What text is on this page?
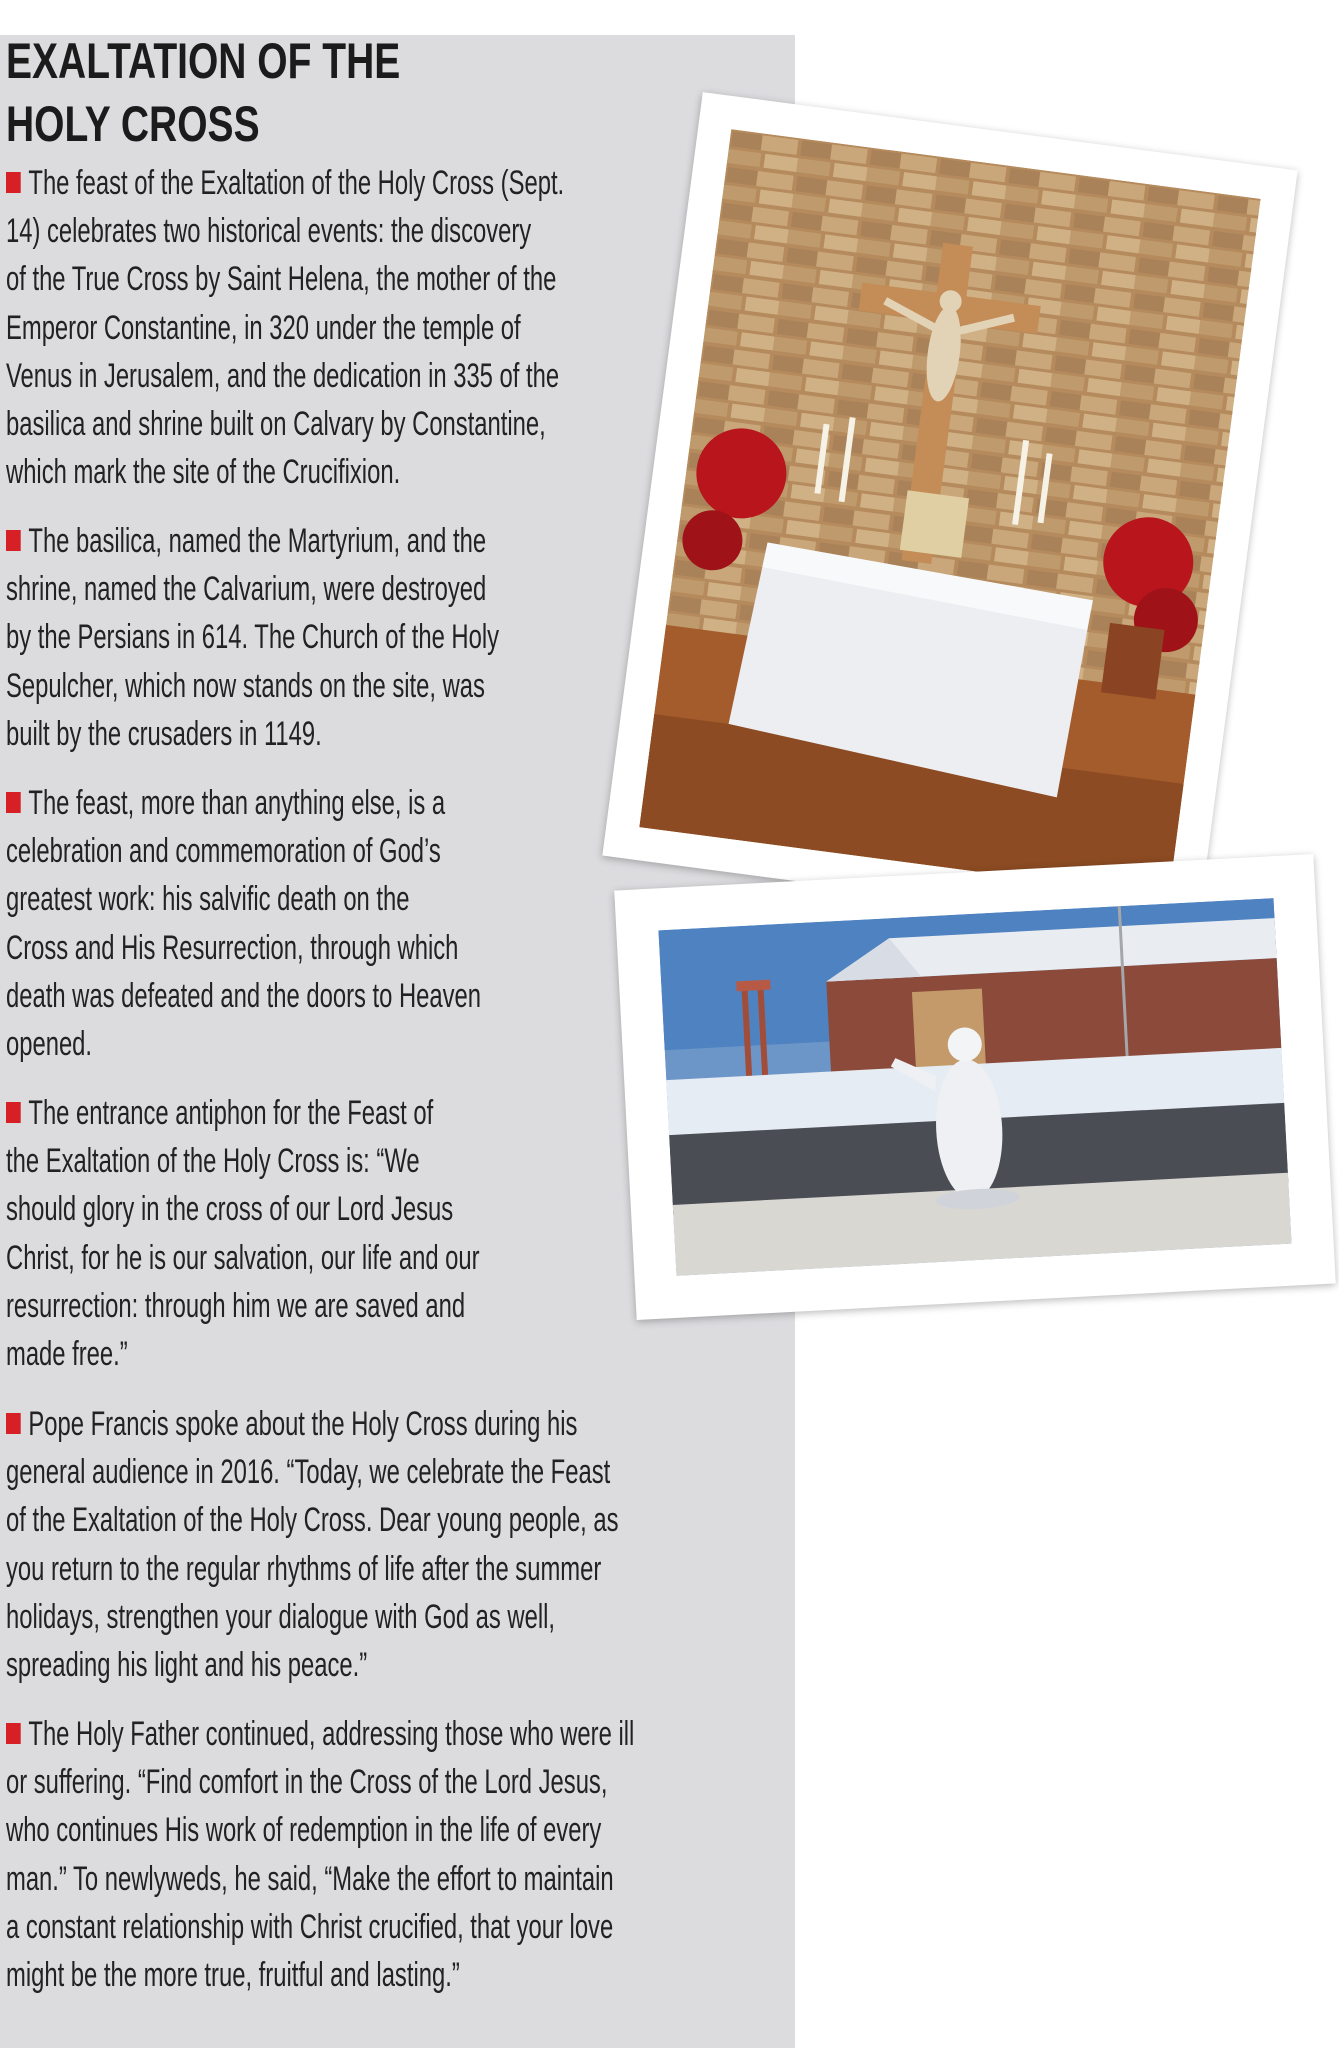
EXALTATION OF THE
HOLY CROSS

The feast of the Exaltation of the Holy Cross (Sept.
14) celebrates two historical events: the discovery
of the True Cross by Saint Helena, the mother of the
Emperor Constantine, in 320 under the temple of
Venus in Jerusalem, and the dedication in 335 of the
basilica and shrine built on Calvary by Constantine,
which mark the site of the Crucifixion.

The basilica, named the Martyrium, and the
shrine, named the Calvarium, were destroyed
by the Persians in 614. The Church of the Holy
Sepulcher, which now stands on the site, was
built by the crusaders in 1149.

The feast, more than anything else, is a
celebration and commemoration of God’s
greatest work: his salvific death on the
Cross and His Resurrection, through which
death was defeated and the doors to Heaven
opened.

The entrance antiphon for the Feast of
the Exaltation of the Holy Cross is: “We
should glory in the cross of our Lord Jesus
Christ, for he is our salvation, our life and our
resurrection: through him we are saved and
made free.”

Pope Francis spoke about the Holy Cross during his
general audience in 2016. “Today, we celebrate the Feast
of the Exaltation of the Holy Cross. Dear young people, as
you return to the regular rhythms of life after the summer
holidays, strengthen your dialogue with God as well,
spreading his light and his peace.”

The Holy Father continued, addressing those who were ill
or suffering. “Find comfort in the Cross of the Lord Jesus,
who continues His work of redemption in the life of every
man.” To newlyweds, he said, “Make the effort to maintain
a constant relationship with Christ crucified, that your love
might be the more true, fruitful and lasting.”
